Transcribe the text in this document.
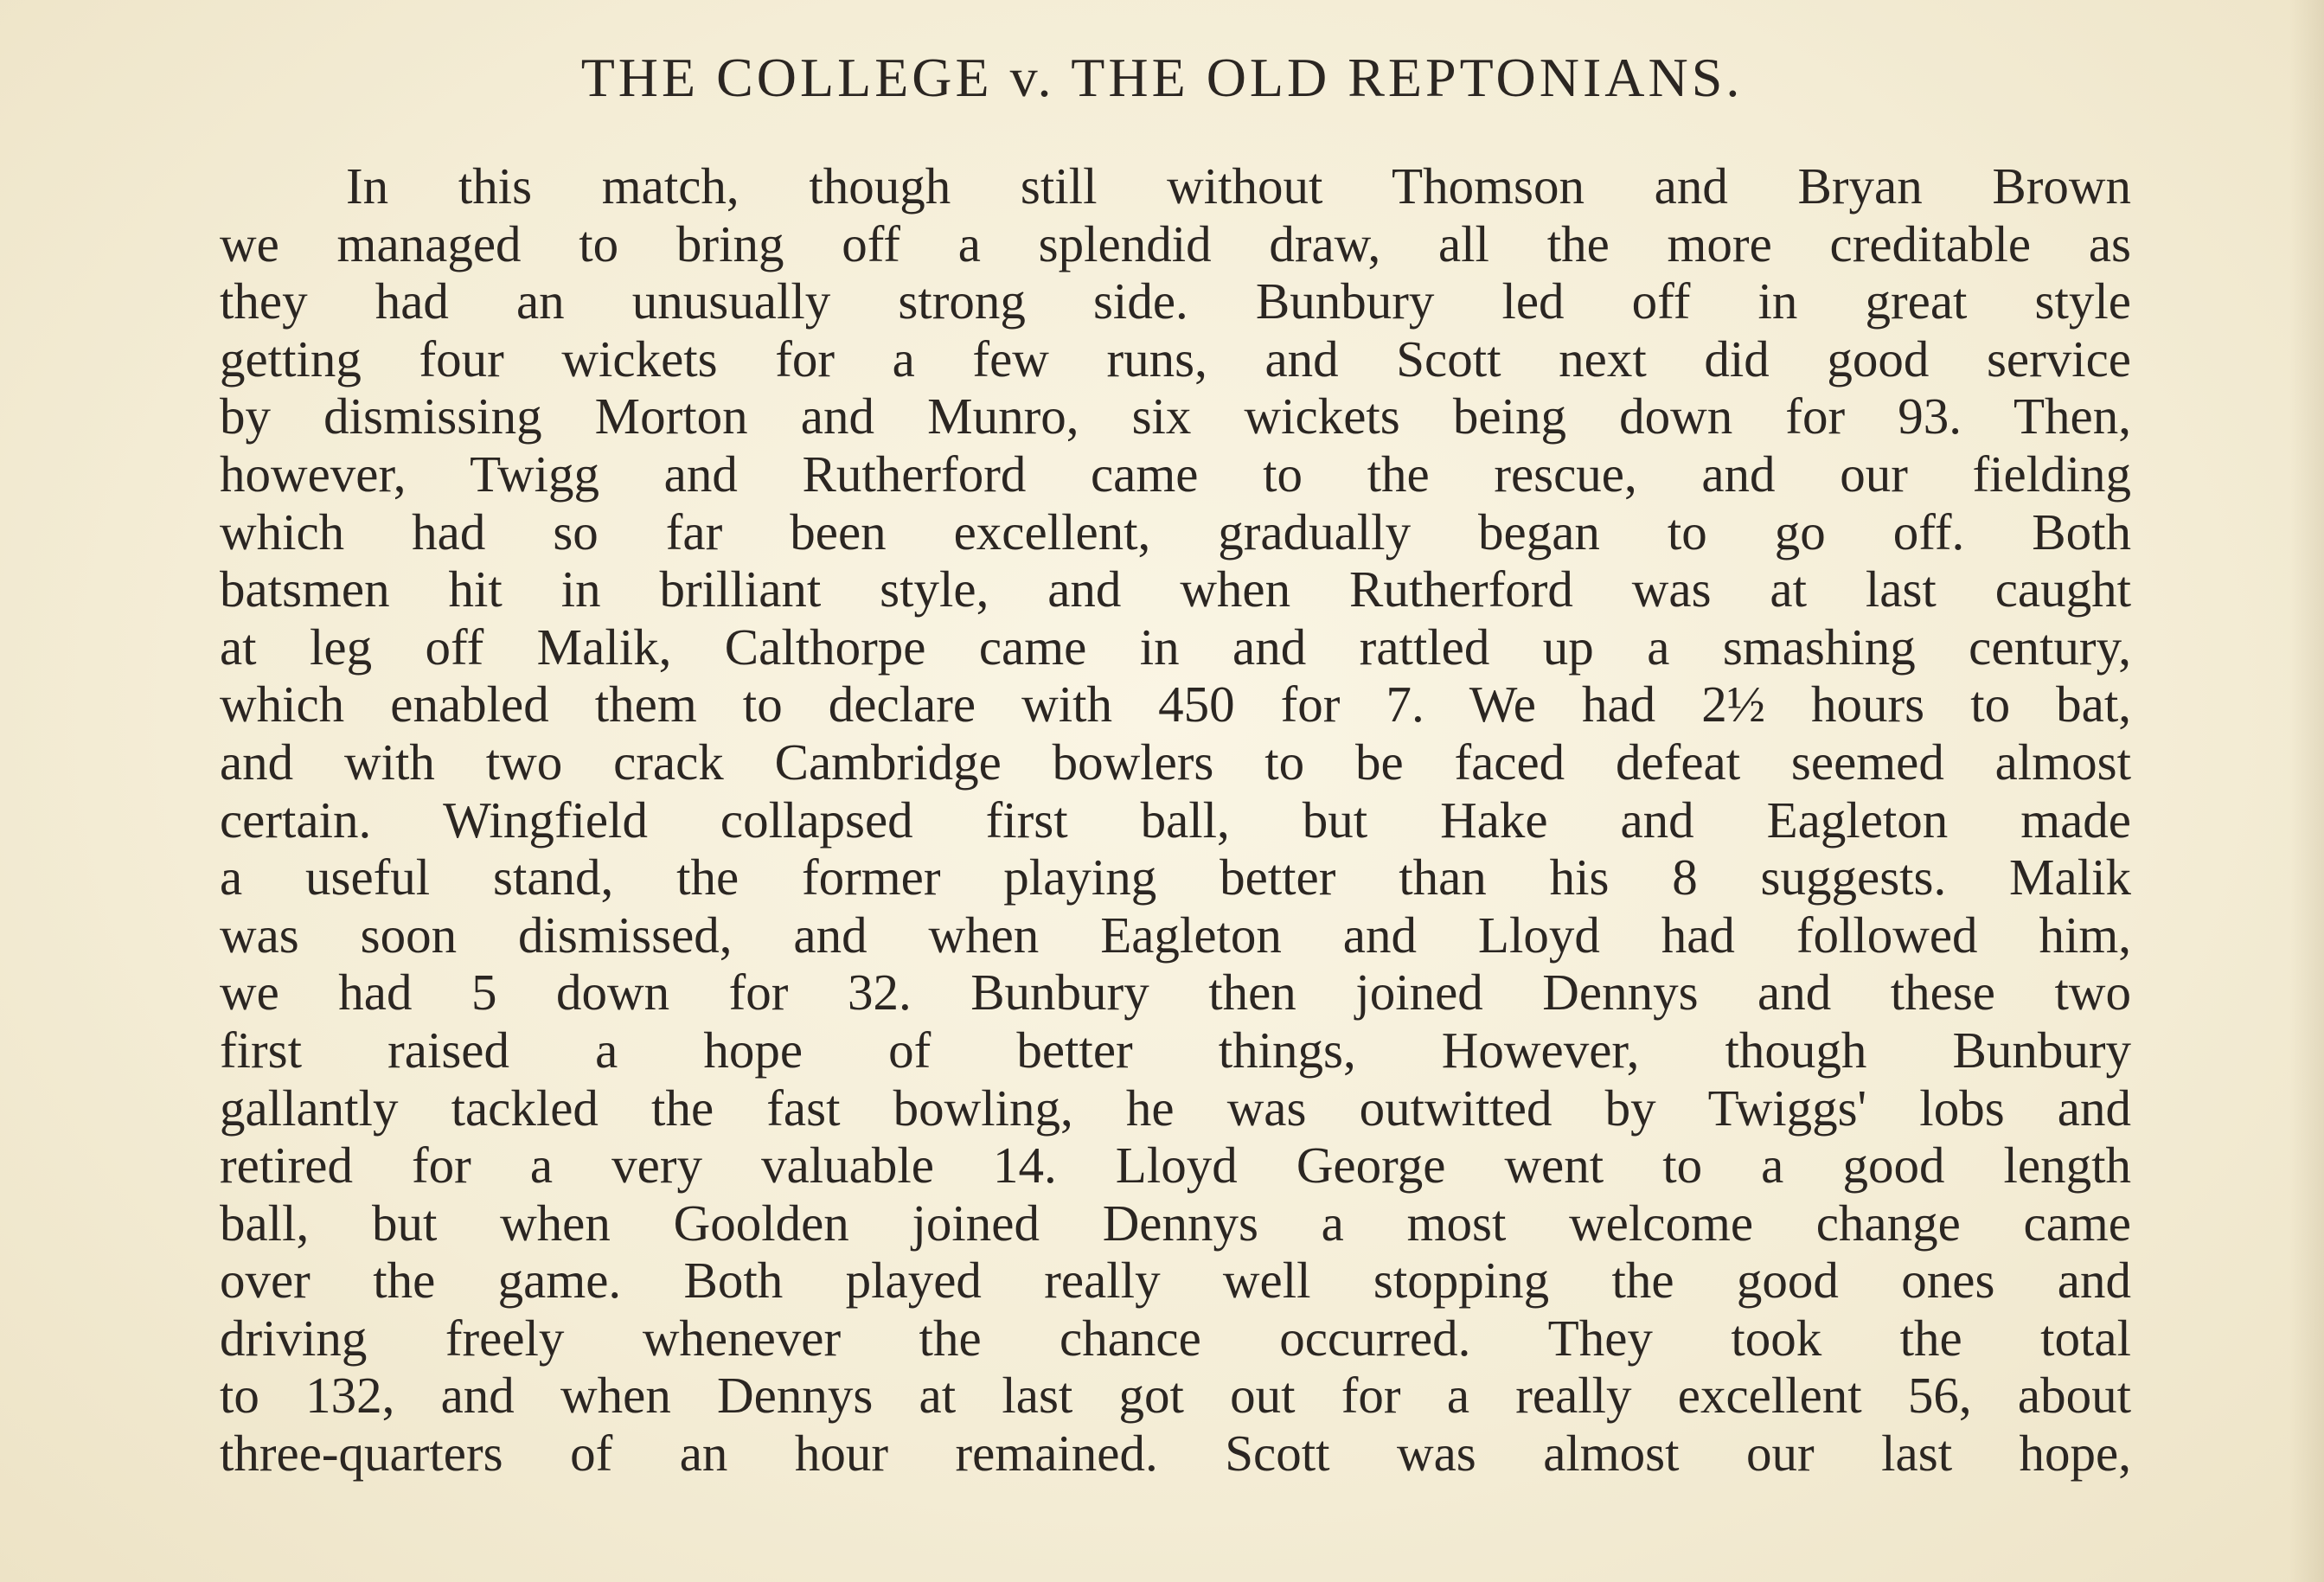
THE COLLEGE v. THE OLD REPTONIANS.
In this match, though still without Thomson and Bryan Brown
we managed to bring off a splendid draw, all the more creditable as
they had an unusually strong side. Bunbury led off in great style
getting four wickets for a few runs, and Scott next did good service
by dismissing Morton and Munro, six wickets being down for 93. Then,
however, Twigg and Rutherford came to the rescue, and our fielding
which had so far been excellent, gradually began to go off. Both
batsmen hit in brilliant style, and when Rutherford was at last caught
at leg off Malik, Calthorpe came in and rattled up a smashing century,
which enabled them to declare with 450 for 7. We had 2½ hours to bat,
and with two crack Cambridge bowlers to be faced defeat seemed almost
certain. Wingfield collapsed first ball, but Hake and Eagleton made
a useful stand, the former playing better than his 8 suggests. Malik
was soon dismissed, and when Eagleton and Lloyd had followed him,
we had 5 down for 32. Bunbury then joined Dennys and these two
first raised a hope of better things, However, though Bunbury
gallantly tackled the fast bowling, he was outwitted by Twiggs' lobs and
retired for a very valuable 14. Lloyd George went to a good length
ball, but when Goolden joined Dennys a most welcome change came
over the game. Both played really well stopping the good ones and
driving freely whenever the chance occurred. They took the total
to 132, and when Dennys at last got out for a really excellent 56, about
three-quarters of an hour remained. Scott was almost our last hope,
